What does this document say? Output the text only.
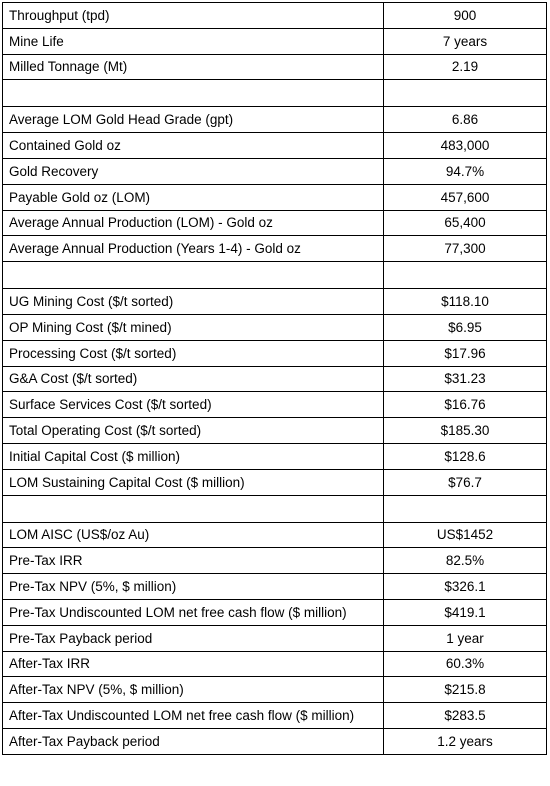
Throughput (tpd)	900
Mine Life	7 years
Milled Tonnage (Mt)	2.19

Average LOM Gold Head Grade (gpt)	6.86
Contained Gold oz	483,000
Gold Recovery	94.7%
Payable Gold oz (LOM)	457,600
Average Annual Production (LOM) - Gold oz	65,400
Average Annual Production (Years 1-4) - Gold oz	77,300

UG Mining Cost ($/t sorted)	$118.10
OP Mining Cost ($/t mined)	$6.95
Processing Cost ($/t sorted)	$17.96
G&A Cost ($/t sorted)	$31.23
Surface Services Cost ($/t sorted)	$16.76
Total Operating Cost ($/t sorted)	$185.30
Initial Capital Cost ($ million)	$128.6
LOM Sustaining Capital Cost ($ million)	$76.7

LOM AISC (US$/oz Au)	US$1452
Pre-Tax IRR	82.5%
Pre-Tax NPV (5%, $ million)	$326.1
Pre-Tax Undiscounted LOM net free cash flow ($ million)	$419.1
Pre-Tax Payback period	1 year
After-Tax IRR	60.3%
After-Tax NPV (5%, $ million)	$215.8
After-Tax Undiscounted LOM net free cash flow ($ million)	$283.5
After-Tax Payback period	1.2 years
